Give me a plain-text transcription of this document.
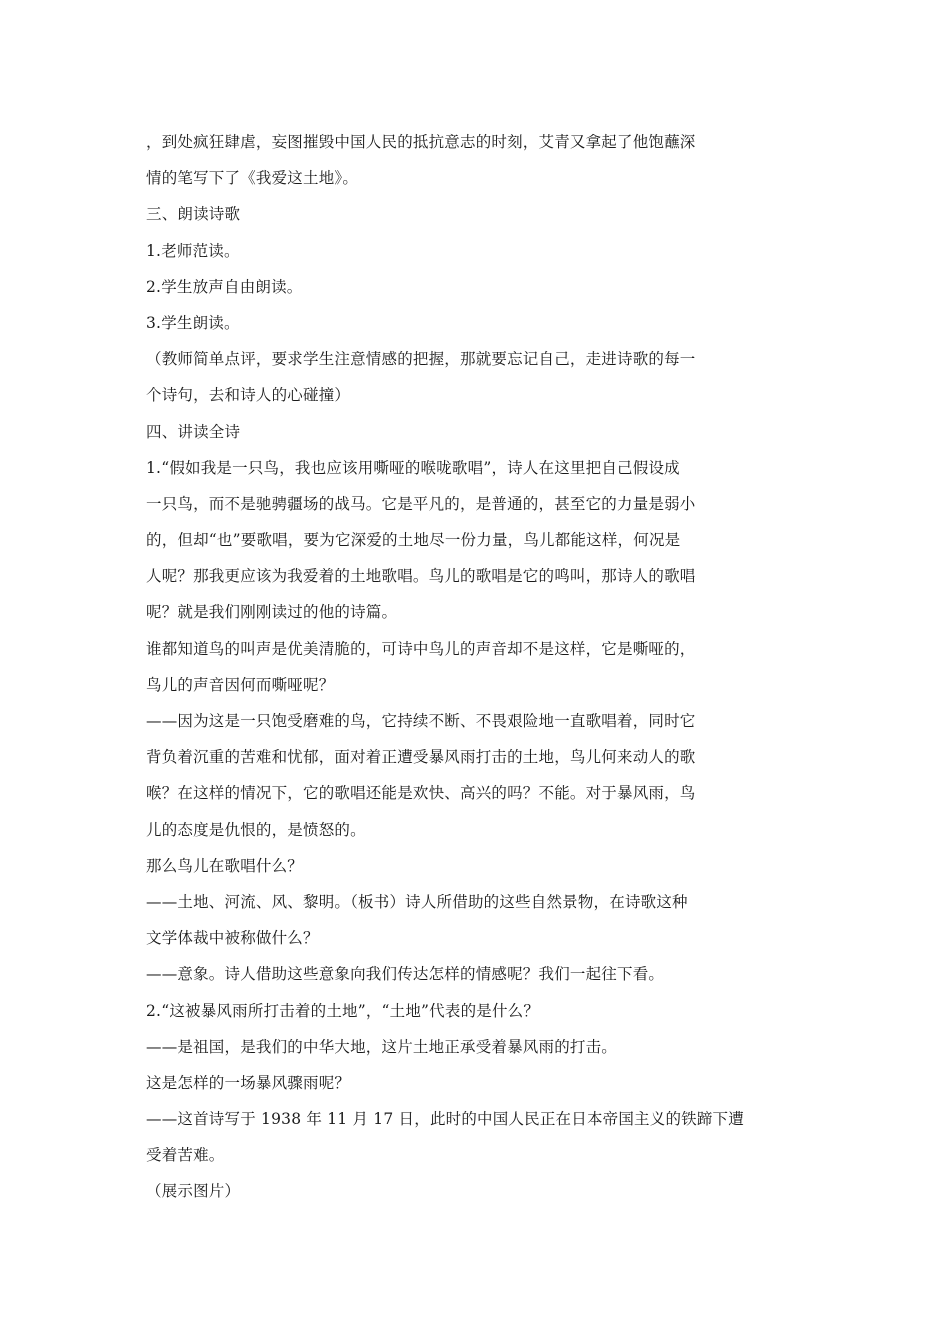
，到处疯狂肆虐，妄图摧毁中国人民的抵抗意志的时刻，艾青又拿起了他饱蘸深
情的笔写下了《我爱这土地》。
三、朗读诗歌
1.老师范读。
2.学生放声自由朗读。
3.学生朗读。
（教师简单点评，要求学生注意情感的把握，那就要忘记自己，走进诗歌的每一
个诗句，去和诗人的心碰撞）
四、讲读全诗
1.“假如我是一只鸟，我也应该用嘶哑的喉咙歌唱”，诗人在这里把自己假设成
一只鸟，而不是驰骋疆场的战马。它是平凡的，是普通的，甚至它的力量是弱小
的，但却“也”要歌唱，要为它深爱的土地尽一份力量，鸟儿都能这样，何况是
人呢？那我更应该为我爱着的土地歌唱。鸟儿的歌唱是它的鸣叫，那诗人的歌唱
呢？就是我们刚刚读过的他的诗篇。
谁都知道鸟的叫声是优美清脆的，可诗中鸟儿的声音却不是这样，它是嘶哑的，
鸟儿的声音因何而嘶哑呢？
——因为这是一只饱受磨难的鸟，它持续不断、不畏艰险地一直歌唱着，同时它
背负着沉重的苦难和忧郁，面对着正遭受暴风雨打击的土地，鸟儿何来动人的歌
喉？在这样的情况下，它的歌唱还能是欢快、高兴的吗？不能。对于暴风雨，鸟
儿的态度是仇恨的，是愤怒的。
那么鸟儿在歌唱什么？
——土地、河流、风、黎明。（板书）诗人所借助的这些自然景物，在诗歌这种
文学体裁中被称做什么？
——意象。诗人借助这些意象向我们传达怎样的情感呢？我们一起往下看。
2.“这被暴风雨所打击着的土地”，“土地”代表的是什么？
——是祖国，是我们的中华大地，这片土地正承受着暴风雨的打击。
这是怎样的一场暴风骤雨呢？
——这首诗写于 1938 年 11 月 17 日，此时的中国人民正在日本帝国主义的铁蹄下遭
受着苦难。
（展示图片）
